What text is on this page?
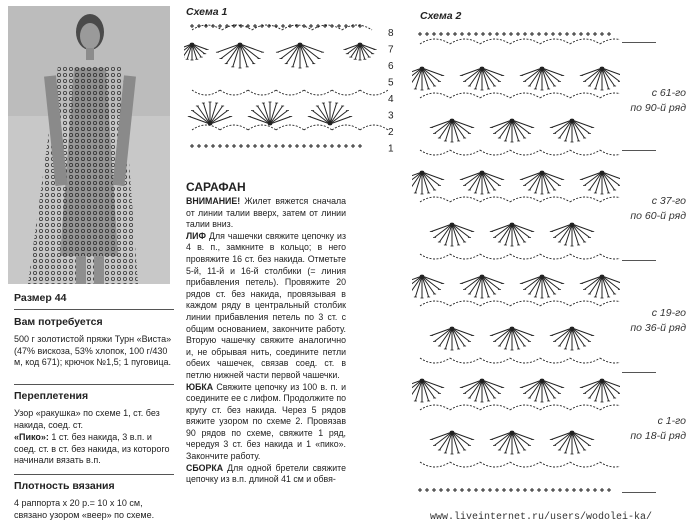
Размер 44
Вам потребуется
500 г золотистой пряжи Турн «Виста» (47% вискоза, 53% хлопок, 100 г/430 м, код 671); крючок №1,5; 1 пуговица.
Переплетения
Узор «ракушка» по схеме 1, ст. без накида, соед. ст.
«Пико»: 1 ст. без накида, 3 в.п. и соед. ст. в ст. без накида, из которого начинали вязать в.п.
Плотность вязания
4 раппорта x 20 р.= 10 x 10 см, связано узором «веер» по схеме.
Схема 1
8
7
6
5
4
3
2
1
САРАФАН

ВНИМАНИЕ! Жилет вяжется сначала от линии талии вверх, затем от линии талии вниз.

ЛИФ Для чашечки свяжите цепочку из 4 в. п., замкните в кольцо; в него провяжите 16 ст. без накида. Отметьте 5-й, 11-й и 16-й столбики (= линия прибавления петель). Провяжите 20 рядов ст. без накида, провязывая в каждом ряду в центральный столбик линии прибавления петель по 3 ст. с общим основанием, закончите работу. Вторую чашечку свяжите аналогично и, не обрывая нить, соедините петли обеих чашечек, связав соед. ст. в петлю нижней части первой чашечки.

ЮБКА Свяжите цепочку из 100 в. п. и соедините ее с лифом. Продолжите по кругу ст. без накида. Через 5 рядов вяжите узором по схеме 2. Провязав 90 рядов по схеме, свяжите 1 ряд, чередуя 3 ст. без накида и 1 «пико». Закончите работу.

СБОРКА Для одной бретели свяжите цепочку из в.п. длиной 41 см и обвя-

Схема 2
с 61-го
по 90-й ряд
с 37-го
по 60-й ряд
с 19-го
по 36-й ряд
с 1-го
по 18-й ряд
www.liveinternet.ru/users/wodolei-ka/
